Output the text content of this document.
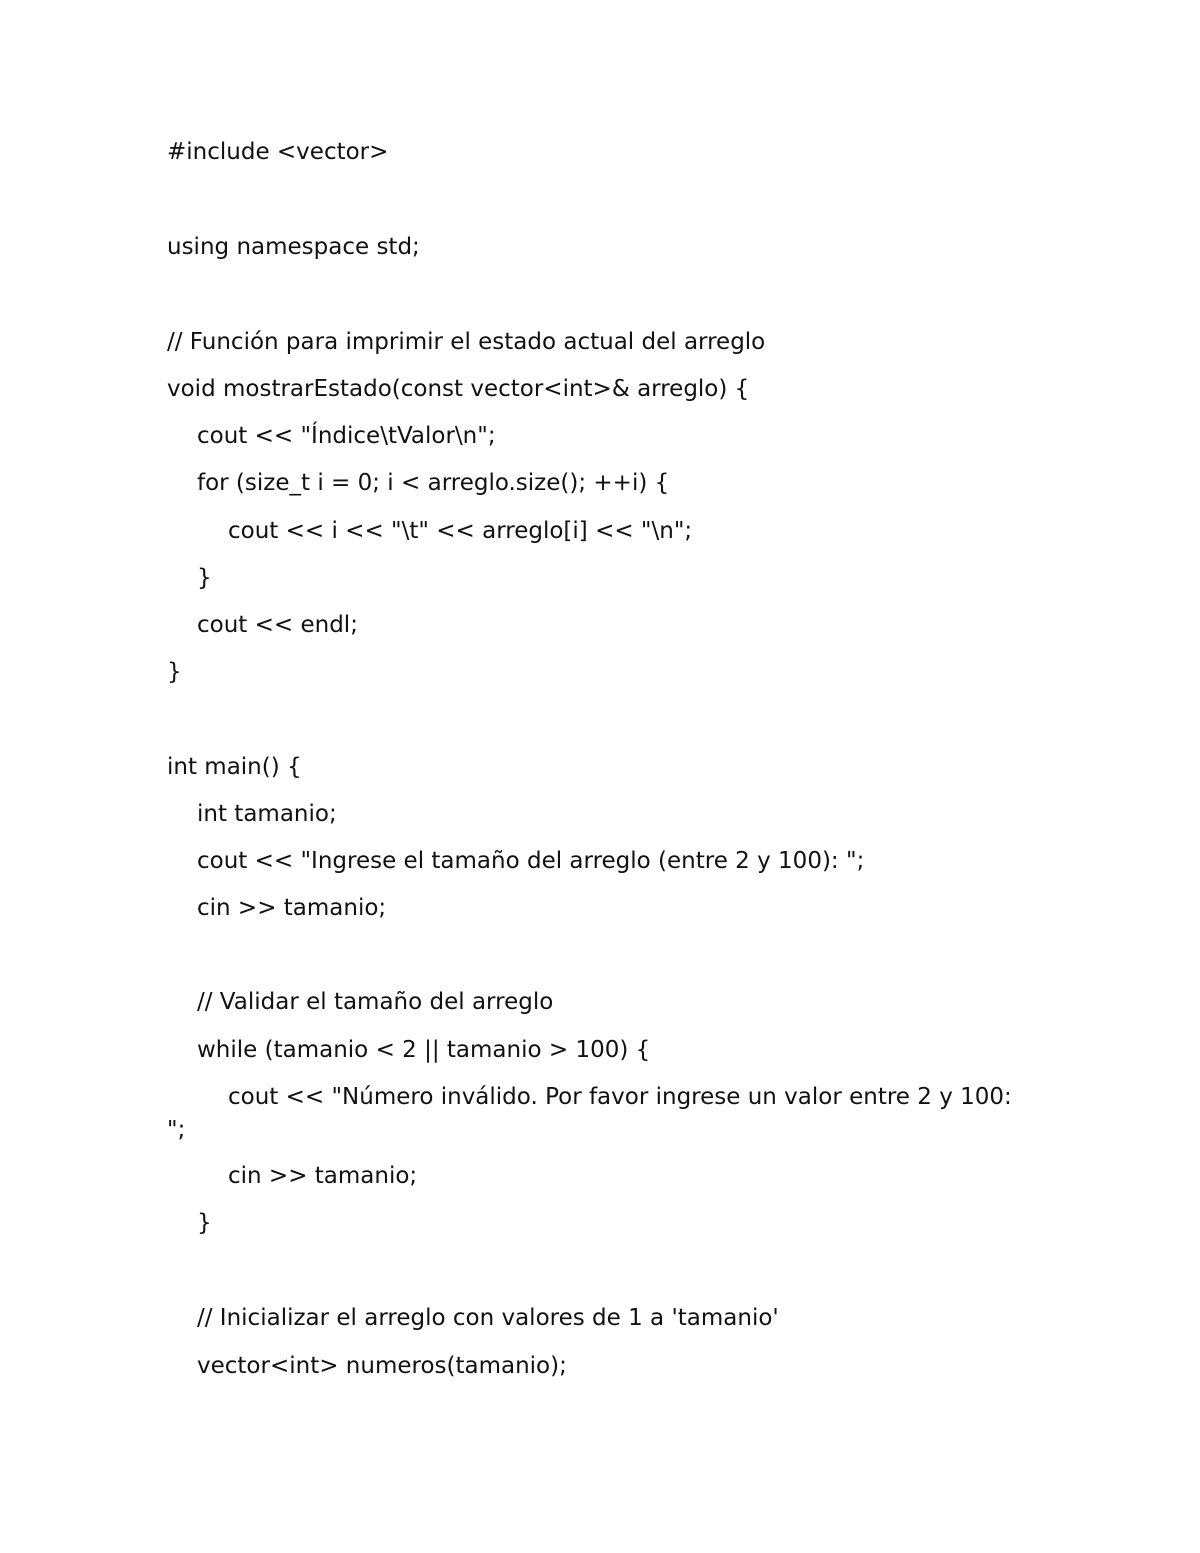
#include <vector>
using namespace std;
// Función para imprimir el estado actual del arreglo
void mostrarEstado(const vector<int>& arreglo) {
cout << "Índice\tValor\n";
for (size_t i = 0; i < arreglo.size(); ++i) {
cout << i << "\t" << arreglo[i] << "\n";
}
cout << endl;
}
int main() {
int tamanio;
cout << "Ingrese el tamaño del arreglo (entre 2 y 100): ";
cin >> tamanio;
// Validar el tamaño del arreglo
while (tamanio < 2 || tamanio > 100) {
cout << "Número inválido. Por favor ingrese un valor entre 2 y 100:
";
cin >> tamanio;
}
// Inicializar el arreglo con valores de 1 a 'tamanio'
vector<int> numeros(tamanio);
